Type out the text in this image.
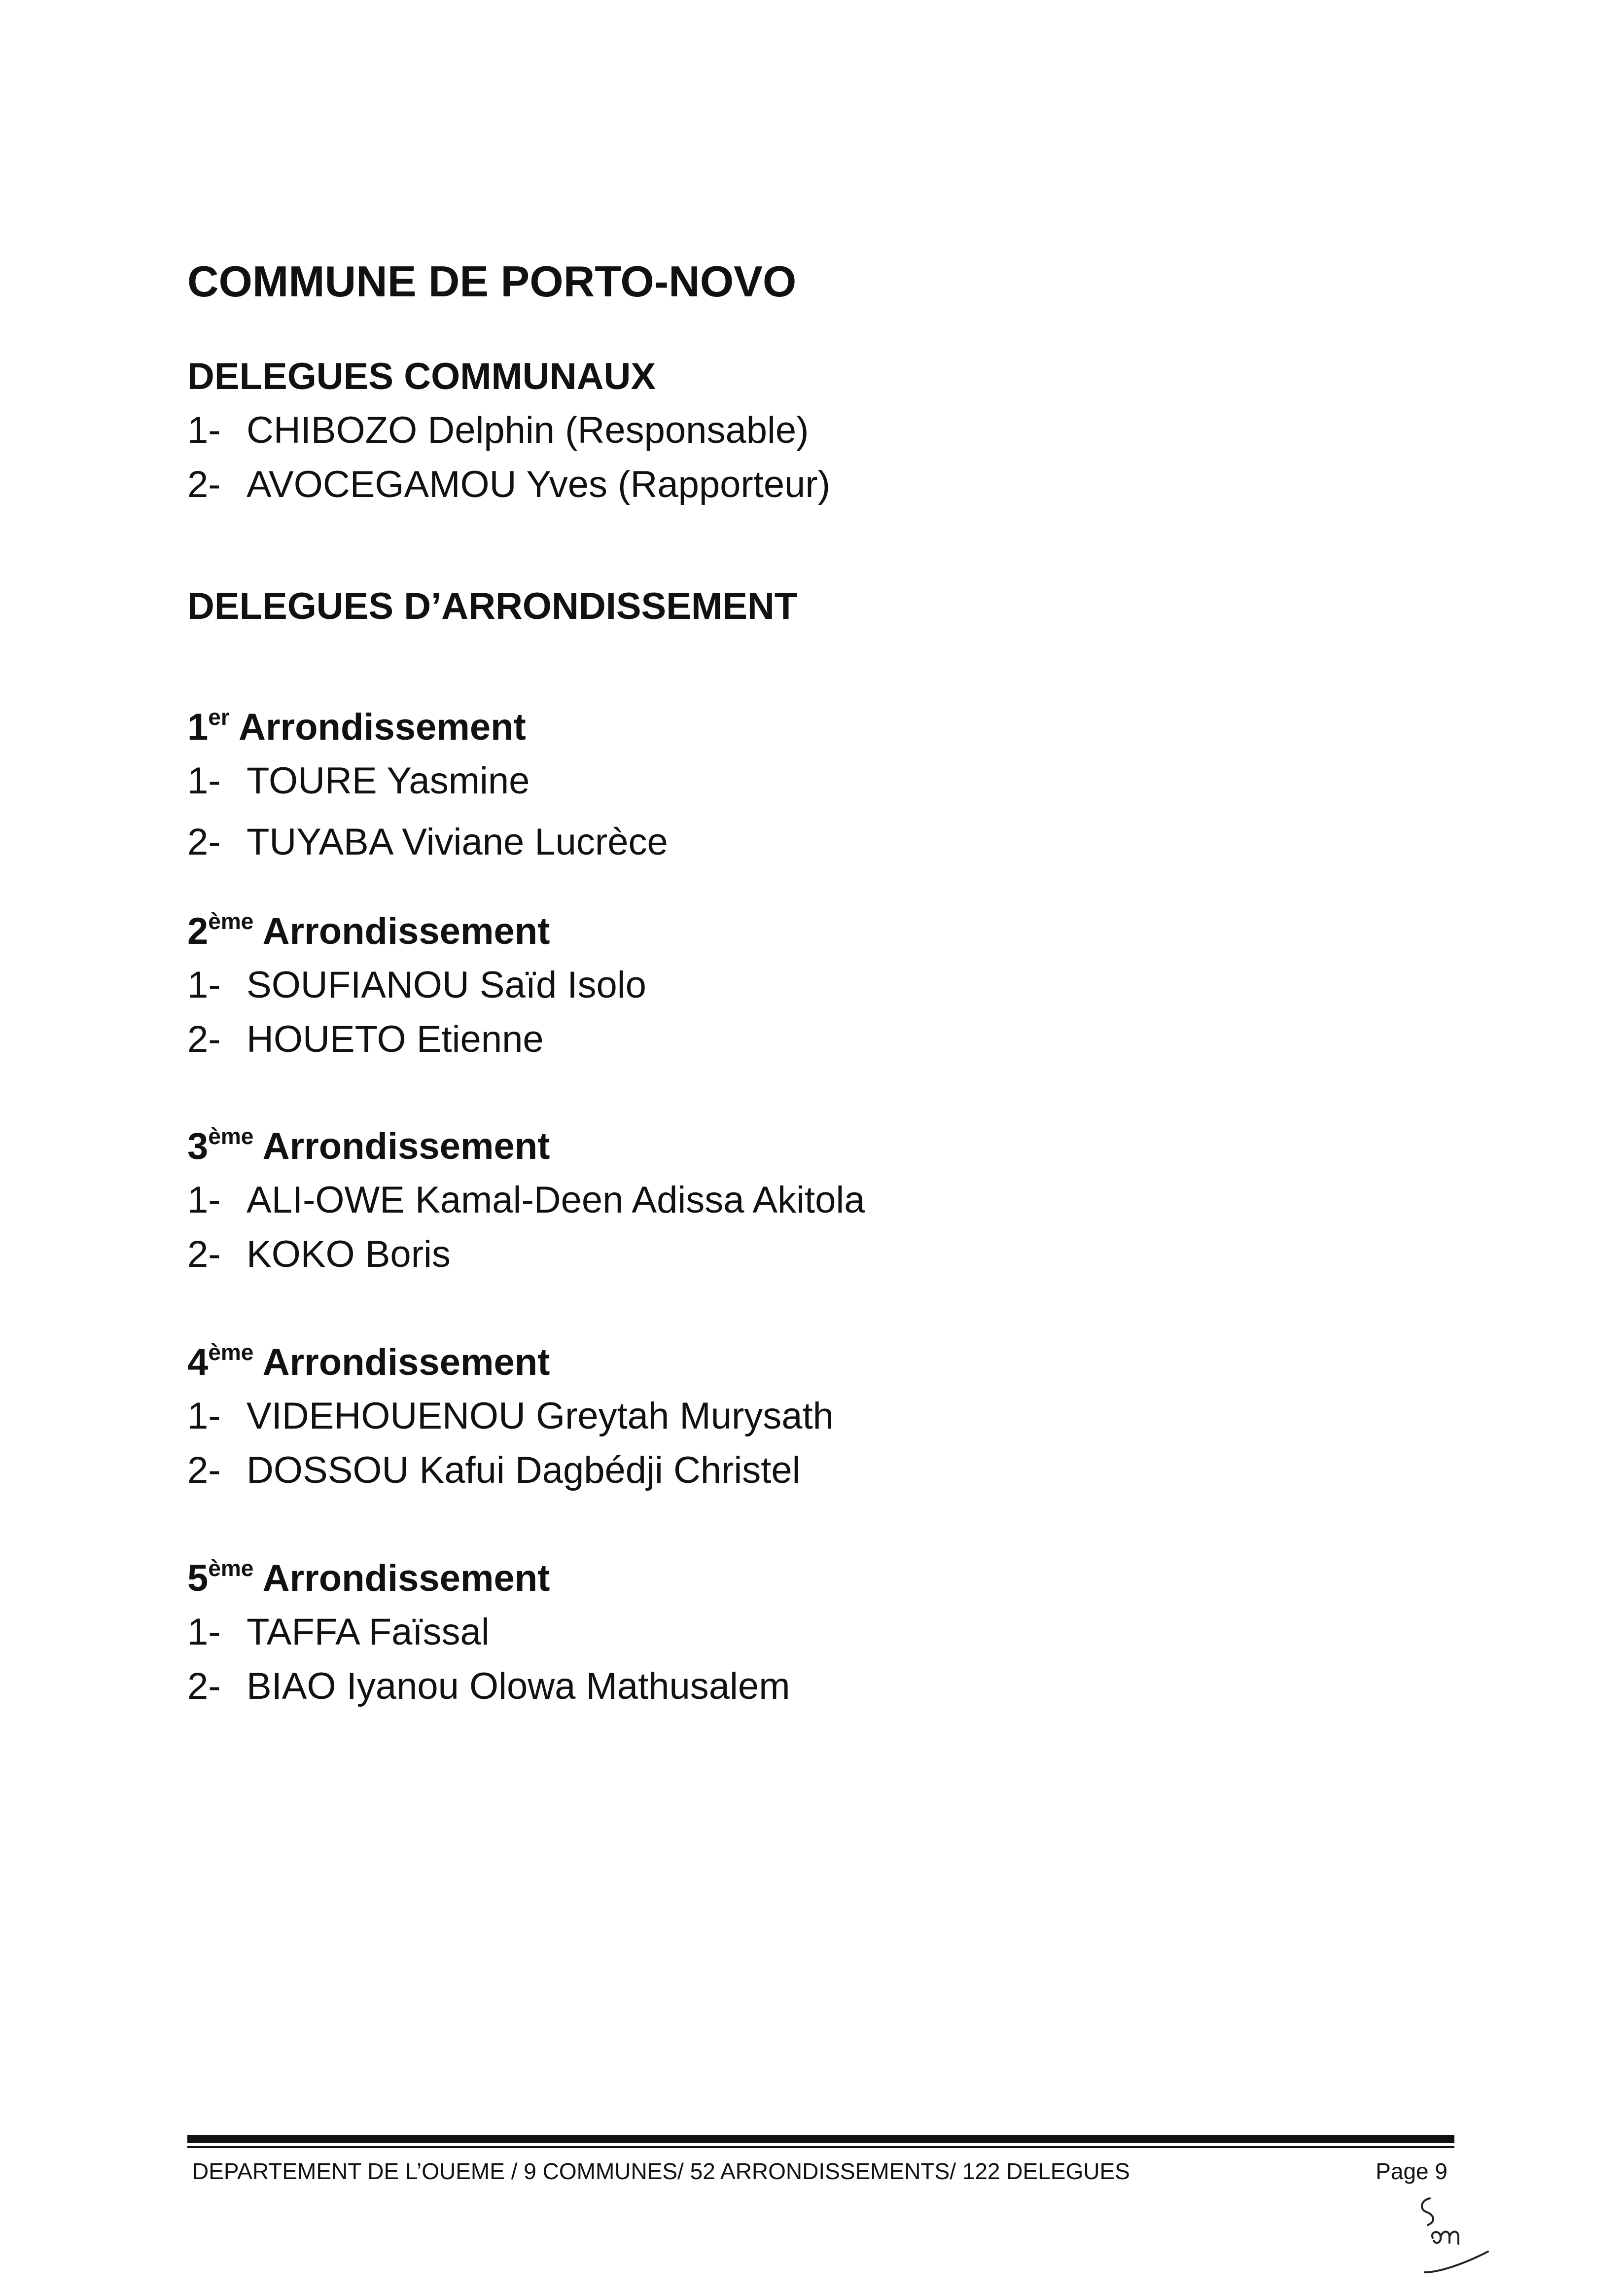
COMMUNE DE PORTO-NOVO
DELEGUES COMMUNAUX
1- CHIBOZO Delphin (Responsable)
2- AVOCEGAMOU Yves (Rapporteur)
DELEGUES D’ARRONDISSEMENT
1er Arrondissement
1- TOURE Yasmine
2- TUYABA Viviane Lucrèce
2ème Arrondissement
1- SOUFIANOU Saïd Isolo
2- HOUETO Etienne
3ème Arrondissement
1- ALI-OWE Kamal-Deen Adissa Akitola
2- KOKO Boris
4ème Arrondissement
1- VIDEHOUENOU Greytah Murysath
2- DOSSOU Kafui Dagbédji Christel
5ème Arrondissement
1- TAFFA Faïssal
2- BIAO Iyanou Olowa Mathusalem
DEPARTEMENT DE L’OUEME / 9 COMMUNES/ 52 ARRONDISSEMENTS/ 122 DELEGUES	Page 9
